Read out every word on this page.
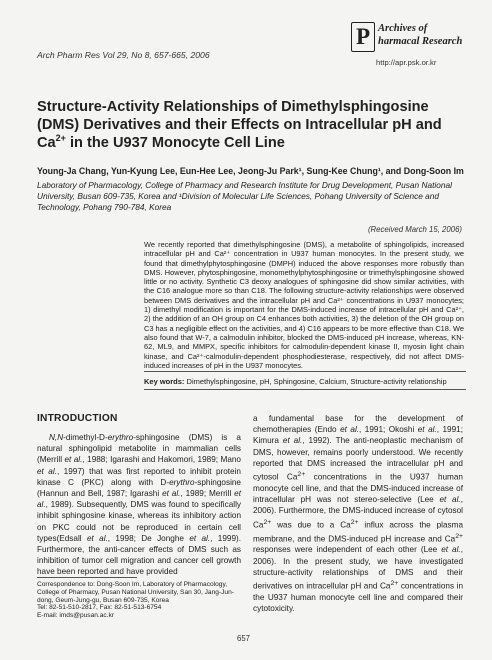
Arch Pharm Res Vol 29, No 8, 657-665, 2006
P Archives of
harmacal Research
http://apr.psk.or.kr
Structure-Activity Relationships of Dimethylsphingosine (DMS) Derivatives and their Effects on Intracellular pH and $Ca^{2+}$ in the U937 Monocyte Cell Line
Young-Ja Chang, Yun-Kyung Lee, Eun-Hee Lee, Jeong-Ju Park¹, Sung-Kee Chung¹, and Dong-Soon Im
Laboratory of Pharmacology, College of Pharmacy and Research Institute for Drug Development, Pusan National University, Busan 609-735, Korea and ¹Division of Molecular Life Sciences, Pohang University of Science and Technology, Pohang 790-784, Korea
(Received March 15, 2006)
We recently reported that dimethylsphingosine (DMS), a metabolite of sphingolipids, increased intracellular pH and Ca²⁺ concentration in U937 human monocytes. In the present study, we found that dimethylphytosphingosine (DMPH) induced the above responses more robustly than DMS. However, phytosphingosine, monomethylphytosphingosine or trimethylsphingosine showed little or no activity. Synthetic C3 deoxy analogues of sphingosine did show similar activities, with the C16 analogue more so than C18. The following structure-activity relationships were observed between DMS derivatives and the intracellular pH and Ca²⁺ concentrations in U937 monocytes; 1) dimethyl modification is important for the DMS-induced increase of intracellular pH and Ca²⁺, 2) the addition of an OH group on C4 enhances both activities, 3) the deletion of the OH group on C3 has a negligible effect on the activities, and 4) C16 appears to be more effective than C18. We also found that W-7, a calmodulin inhibitor, blocked the DMS-induced pH increase, whereas, KN-62, ML9, and MMPX, specific inhibitors for calmodulin-dependent kinase II, myosin light chain kinase, and Ca²⁺-calmodulin-dependent phosphodiesterase, respectively, did not affect DMS-induced increases of pH in the U937 monocytes.
Key words: Dimethylsphingosine, pH, Sphingosine, Calcium, Structure-activity relationship
INTRODUCTION
N,N-dimethyl-D-erythro-sphingosine (DMS) is a natural sphingolipid metabolite in mammalian cells (Merrill et al., 1988; Igarashi and Hakomori, 1989; Mano et al., 1997) that was first reported to inhibit protein kinase C (PKC) along with D-erythro-sphingosine (Hannun and Bell, 1987; Igarashi et al., 1989; Merrill et al., 1989). Subsequently, DMS was found to specifically inhibit sphingosine kinase, whereas its inhibitory action on PKC could not be reproduced in certain cell types(Edsall et al., 1998; De Jonghe et al., 1999). Furthermore, the anti-cancer effects of DMS such as inhibition of tumor cell migration and cancer cell growth have been reported and have provided
a fundamental base for the development of chemotherapies (Endo et al., 1991; Okoshi et al., 1991; Kimura et al., 1992). The anti-neoplastic mechanism of DMS, however, remains poorly understood. We recently reported that DMS increased the intracellular pH and cytosol $Ca^{2+}$ concentrations in the U937 human monocyte cell line, and that the DMS-induced increase of intracellular pH was not stereo-selective (Lee et al., 2006). Furthermore, the DMS-induced increase of cytosol $Ca^{2+}$ was due to a $Ca^{2+}$ influx across the plasma membrane, and the DMS-induced pH increase and $Ca^{2+}$ responses were independent of each other (Lee et al., 2006). In the present study, we have investigated structure-activity relationships of DMS and their derivatives on intracellular pH and $Ca^{2+}$ concentrations in the U937 human monocyte cell line and compared their cytotoxicity.
Correspondence to: Dong-Soon Im, Laboratory of Pharmacology, College of Pharmacy, Pusan National University, San 30, Jang-Jun-dong, Geum-Jung-gu, Busan 609-735, Korea
Tel: 82-51-510-2817, Fax: 82-51-513-6754
E-mail: imds@pusan.ac.kr
657
